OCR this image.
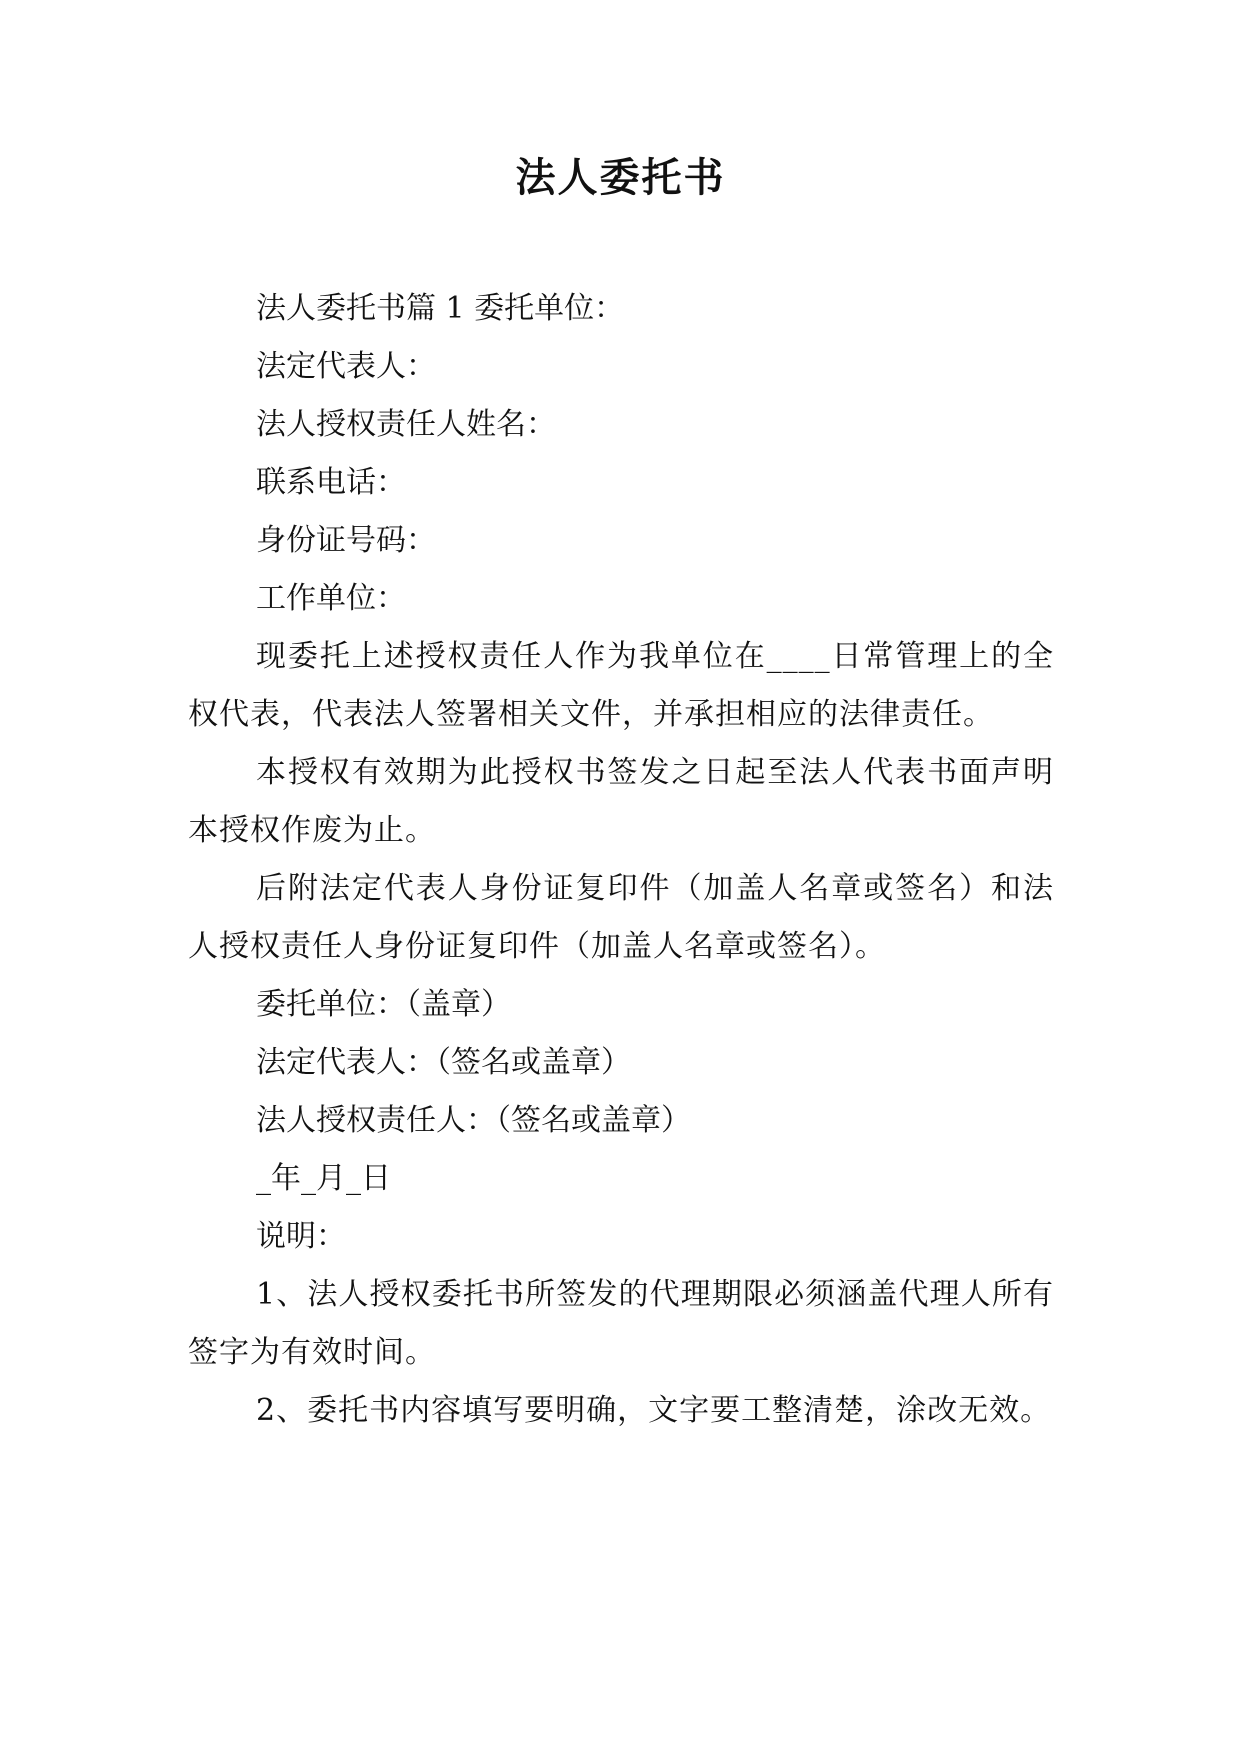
法人委托书

法人委托书篇 1 委托单位：

法定代表人：

法人授权责任人姓名：

联系电话：

身份证号码：

工作单位：

现委托上述授权责任人作为我单位在____日常管理上的全权代表，代表法人签署相关文件，并承担相应的法律责任。

本授权有效期为此授权书签发之日起至法人代表书面声明本授权作废为止。

后附法定代表人身份证复印件（加盖人名章或签名）和法人授权责任人身份证复印件（加盖人名章或签名）。

委托单位：（盖章）

法定代表人：（签名或盖章）

法人授权责任人：（签名或盖章）

_年_月_日

说明：

1、法人授权委托书所签发的代理期限必须涵盖代理人所有签字为有效时间。

2、委托书内容填写要明确，文字要工整清楚，涂改无效。
